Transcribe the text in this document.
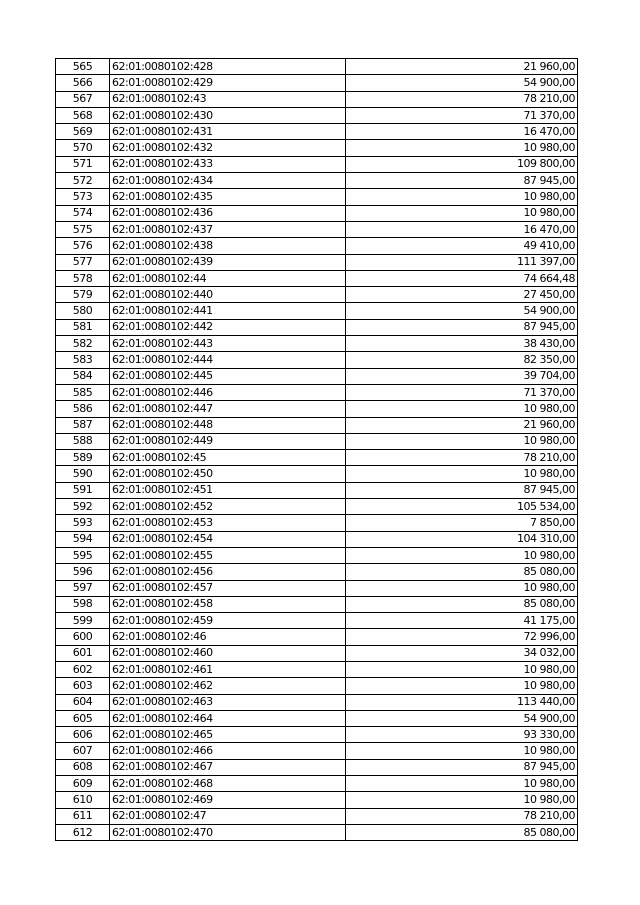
565	62:01:0080102:428	21 960,00
566	62:01:0080102:429	54 900,00
567	62:01:0080102:43	78 210,00
568	62:01:0080102:430	71 370,00
569	62:01:0080102:431	16 470,00
570	62:01:0080102:432	10 980,00
571	62:01:0080102:433	109 800,00
572	62:01:0080102:434	87 945,00
573	62:01:0080102:435	10 980,00
574	62:01:0080102:436	10 980,00
575	62:01:0080102:437	16 470,00
576	62:01:0080102:438	49 410,00
577	62:01:0080102:439	111 397,00
578	62:01:0080102:44	74 664,48
579	62:01:0080102:440	27 450,00
580	62:01:0080102:441	54 900,00
581	62:01:0080102:442	87 945,00
582	62:01:0080102:443	38 430,00
583	62:01:0080102:444	82 350,00
584	62:01:0080102:445	39 704,00
585	62:01:0080102:446	71 370,00
586	62:01:0080102:447	10 980,00
587	62:01:0080102:448	21 960,00
588	62:01:0080102:449	10 980,00
589	62:01:0080102:45	78 210,00
590	62:01:0080102:450	10 980,00
591	62:01:0080102:451	87 945,00
592	62:01:0080102:452	105 534,00
593	62:01:0080102:453	7 850,00
594	62:01:0080102:454	104 310,00
595	62:01:0080102:455	10 980,00
596	62:01:0080102:456	85 080,00
597	62:01:0080102:457	10 980,00
598	62:01:0080102:458	85 080,00
599	62:01:0080102:459	41 175,00
600	62:01:0080102:46	72 996,00
601	62:01:0080102:460	34 032,00
602	62:01:0080102:461	10 980,00
603	62:01:0080102:462	10 980,00
604	62:01:0080102:463	113 440,00
605	62:01:0080102:464	54 900,00
606	62:01:0080102:465	93 330,00
607	62:01:0080102:466	10 980,00
608	62:01:0080102:467	87 945,00
609	62:01:0080102:468	10 980,00
610	62:01:0080102:469	10 980,00
611	62:01:0080102:47	78 210,00
612	62:01:0080102:470	85 080,00
